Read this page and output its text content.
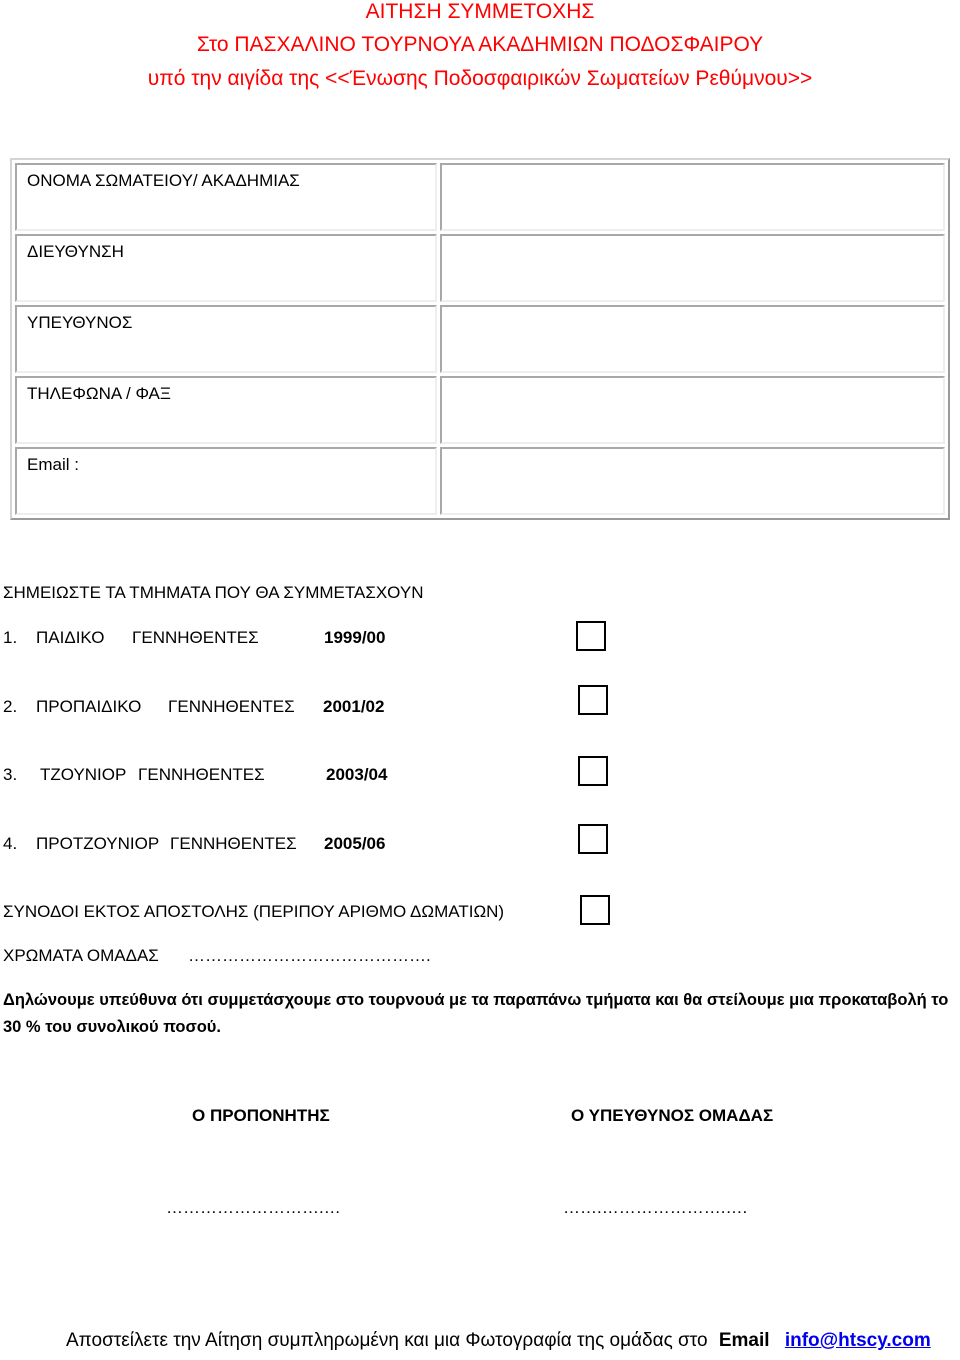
ΑΙΤΗΣΗ ΣΥΜΜΕΤΟΧΗΣ
Στο ΠΑΣΧΑΛΙΝΟ ΤΟΥΡΝΟΥΑ ΑΚΑΔΗΜΙΩΝ ΠΟΔΟΣΦΑΙΡΟΥ
υπό την αιγίδα της <<Ένωσης Ποδοσφαιρικών Σωματείων Ρεθύμνου>>
ΟΝΟΜΑ ΣΩΜΑΤΕΙΟΥ/ ΑΚΑΔΗΜΙΑΣ	
ΔΙΕΥΘΥΝΣΗ	
ΥΠΕΥΘΥΝΟΣ	
ΤΗΛΕΦΩΝΑ / ΦΑΞ	
Email :	
ΣΗΜΕΙΩΣΤΕ ΤΑ ΤΜΗΜΑΤΑ ΠΟΥ ΘΑ ΣΥΜΜΕΤΑΣΧΟΥΝ
1. ΠΑΙΔΙΚΟ ΓΕΝΝΗΘΕΝΤΕΣ	1999/00
2. ΠΡΟΠΑΙΔΙΚΟ ΓΕΝΝΗΘΕΝΤΕΣ 2001/02
3. ΤΖΟΥΝΙΟΡ ΓΕΝΝΗΘΕΝΤΕΣ	2003/04
4. ΠΡΟΤΖΟΥΝΙΟΡ ΓΕΝΝΗΘΕΝΤΕΣ 2005/06
ΣΥΝΟΔΟΙ ΕΚΤΟΣ ΑΠΟΣΤΟΛΗΣ (ΠΕΡΙΠΟΥ ΑΡΙΘΜΟ ΔΩΜΑΤΙΩΝ)
ΧΡΩΜΑΤΑ ΟΜΑΔΑΣ …………………………………….
Δηλώνουμε υπεύθυνα ότι συμμετάσχουμε στο τουρνουά με τα παραπάνω τμήματα και θα στείλουμε μια προκαταβολή το
30 % του συνολικού ποσού.
Ο ΠΡΟΠΟΝΗΤΗΣ	Ο ΥΠΕΥΘΥΝΟΣ ΟΜΑΔΑΣ
……………………….…	…….………………….….
Αποστείλετε την Αίτηση συμπληρωμένη και μια Φωτογραφία της ομάδας στο Email info@htscy.com
